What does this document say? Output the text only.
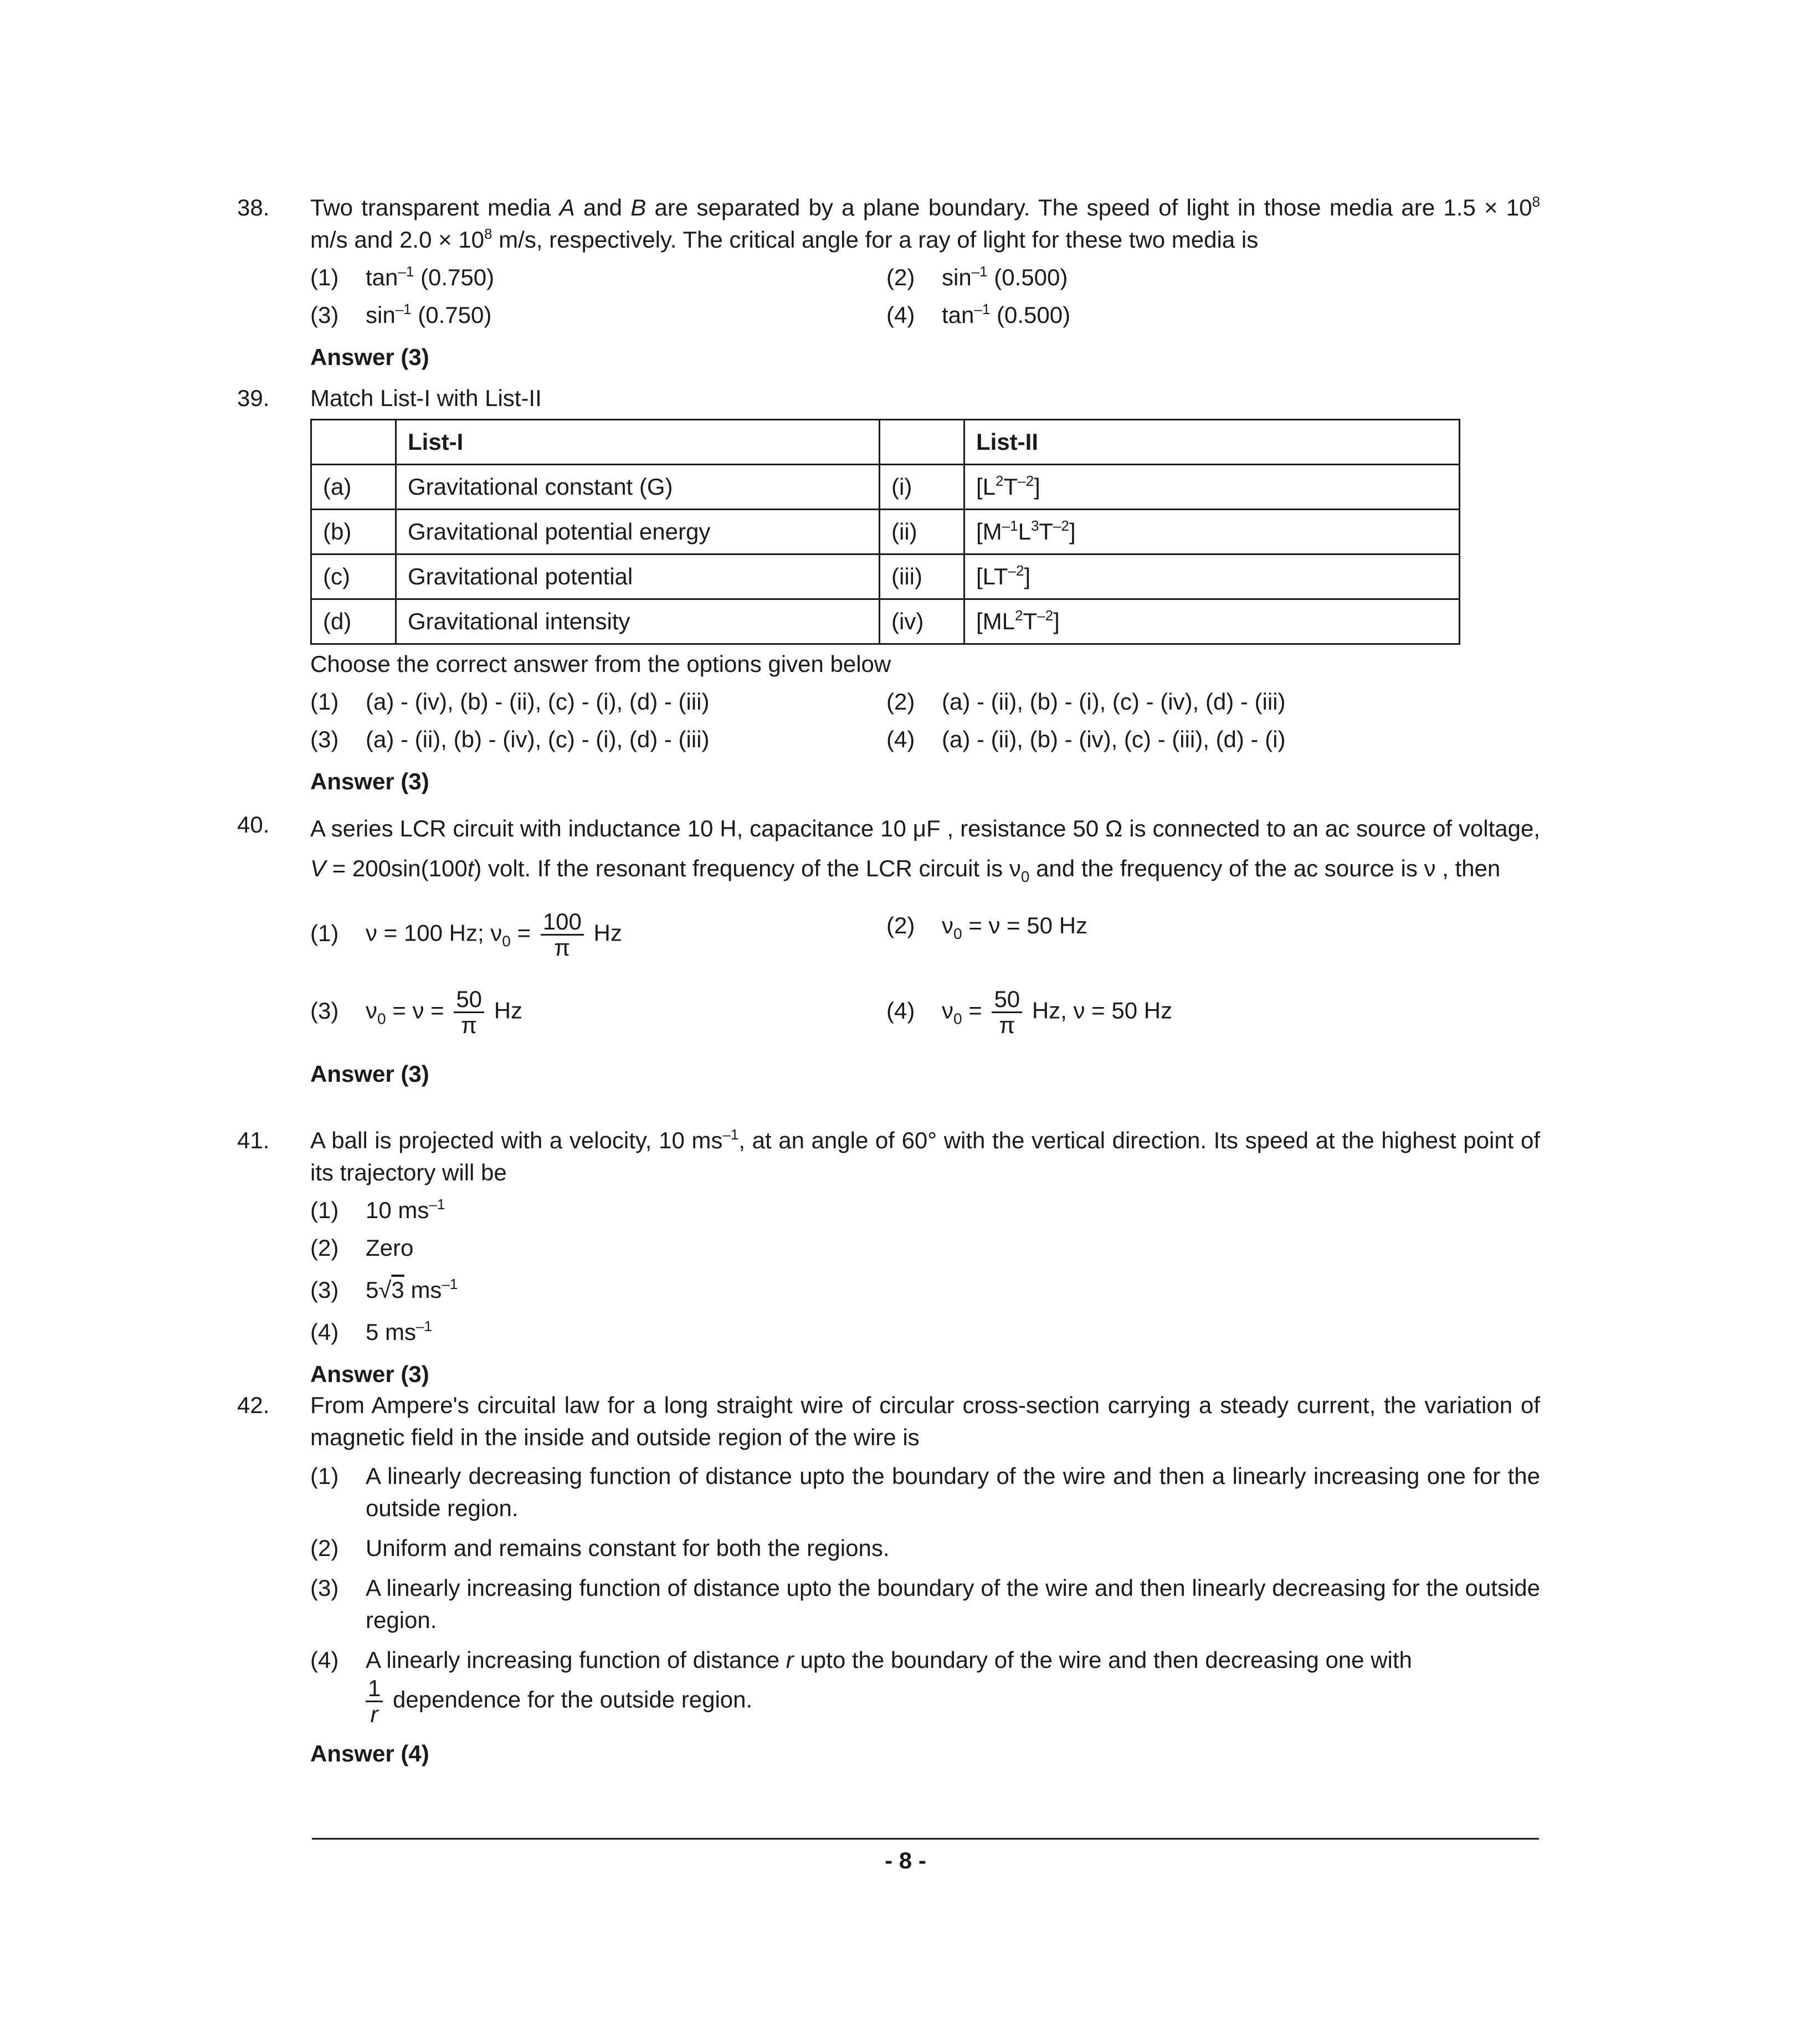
38. Two transparent media A and B are separated by a plane boundary. The speed of light in those media are $1.5 \times 10^8$ m/s and $2.0 \times 10^8$ m/s, respectively. The critical angle for a ray of light for these two media is
(1) $\tan^{-1} (0.750)$	(2) $\sin^{-1} (0.500)$
(3) $\sin^{-1} (0.750)$	(4) $\tan^{-1} (0.500)$
Answer (3)
39. Match List-I with List-II
	List-I		List-II
(a)	Gravitational constant (G)	(i)	$[L^2T^{-2}]$
(b)	Gravitational potential energy	(ii)	$[M^{-1}L^3T^{-2}]$
(c)	Gravitational potential	(iii)	$[LT^{-2}]$
(d)	Gravitational intensity	(iv)	$[ML^2T^{-2}]$
Choose the correct answer from the options given below
(1) (a) - (iv), (b) - (ii), (c) - (i), (d) - (iii)	(2) (a) - (ii), (b) - (i), (c) - (iv), (d) - (iii)
(3) (a) - (ii), (b) - (iv), (c) - (i), (d) - (iii)	(4) (a) - (ii), (b) - (iv), (c) - (iii), (d) - (i)
Answer (3)
40. A series LCR circuit with inductance 10 H, capacitance 10 μF , resistance 50 Ω is connected to an ac source of voltage, V = 200sin(100t) volt. If the resonant frequency of the LCR circuit is $\nu_0$ and the frequency of the ac source is ν , then
(1) ν = 100 Hz; $\nu_0 = \frac{100}{\pi}$ Hz	(2) $\nu_0 = \nu = 50$ Hz
(3) $\nu_0 = \nu = \frac{50}{\pi}$ Hz	(4) $\nu_0 = \frac{50}{\pi} Hz$, ν = 50 Hz
Answer (3)
41. A ball is projected with a velocity, 10 $ms^{-1}$, at an angle of 60° with the vertical direction. Its speed at the highest point of its trajectory will be
(1) 10 $ms^{-1}$
(2) Zero
(3) 5√3 $ms^{-1}$
(4) 5 $ms^{-1}$
Answer (3)
42. From Ampere's circuital law for a long straight wire of circular cross-section carrying a steady current, the variation of magnetic field in the inside and outside region of the wire is
(1)	A linearly decreasing function of distance upto the boundary of the wire and then a linearly increasing one for the outside region.
(2)	Uniform and remains constant for both the regions.
(3)	A linearly increasing function of distance upto the boundary of the wire and then linearly decreasing for the outside region.
(4)	A linearly increasing function of distance r upto the boundary of the wire and then decreasing one with

$\frac{1}{r}$ dependence for the outside region.
Answer (4)
- 8 -
